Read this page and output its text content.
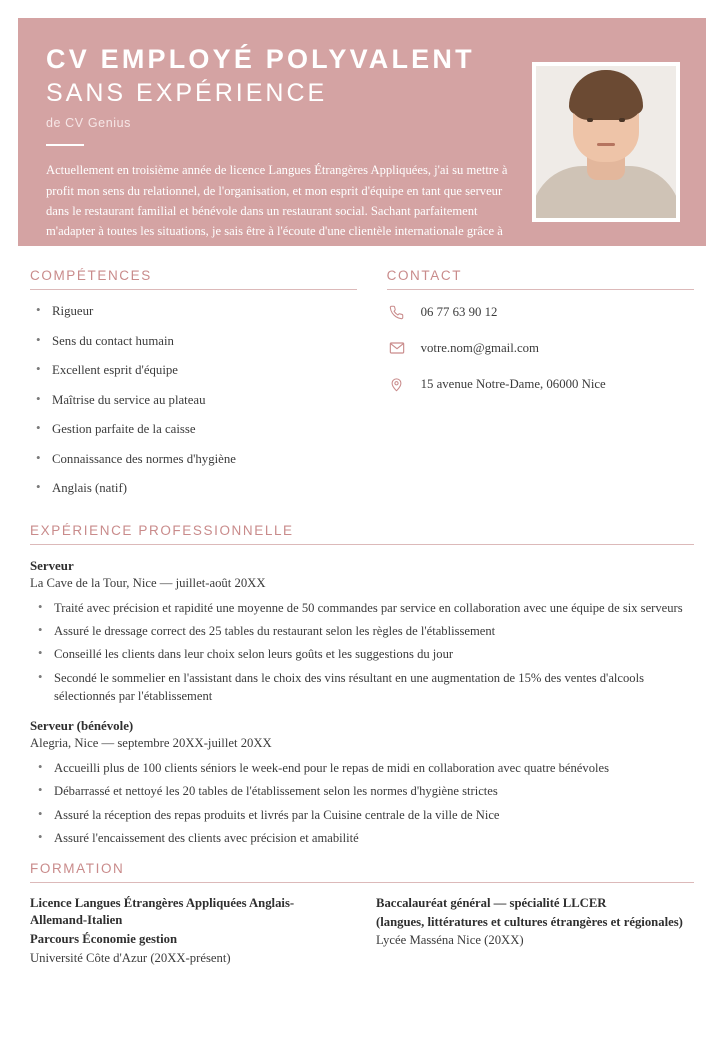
CV EMPLOYÉ POLYVALENT
SANS EXPÉRIENCE
de CV Genius

Actuellement en troisième année de licence Langues Étrangères Appliquées, j'ai su mettre à profit mon sens du relationnel, de l'organisation, et mon esprit d'équipe en tant que serveur dans le restaurant familial et bénévole dans un restaurant social. Sachant parfaitement m'adapter à toutes les situations, je sais être à l'écoute d'une clientèle internationale grâce à mon bilinguisme en anglais.

COMPÉTENCES
• Rigueur
• Sens du contact humain
• Excellent esprit d'équipe
• Maîtrise du service au plateau
• Gestion parfaite de la caisse
• Connaissance des normes d'hygiène
• Anglais (natif)
CONTACT
06 77 63 90 12
votre.nom@gmail.com
15 avenue Notre-Dame, 06000 Nice
EXPÉRIENCE PROFESSIONNELLE
Serveur
La Cave de la Tour, Nice — juillet-août 20XX
• Traité avec précision et rapidité une moyenne de 50 commandes par service en collaboration avec une équipe de six serveurs
• Assuré le dressage correct des 25 tables du restaurant selon les règles de l'établissement
• Conseillé les clients dans leur choix selon leurs goûts et les suggestions du jour
• Secondé le sommelier en l'assistant dans le choix des vins résultant en une augmentation de 15% des ventes d'alcools sélectionnés par l'établissement
Serveur (bénévole)
Alegria, Nice — septembre 20XX-juillet 20XX
• Accueilli plus de 100 clients séniors le week-end pour le repas de midi en collaboration avec quatre bénévoles
• Débarrassé et nettoyé les 20 tables de l'établissement selon les normes d'hygiène strictes
• Assuré la réception des repas produits et livrés par la Cuisine centrale de la ville de Nice
• Assuré l'encaissement des clients avec précision et amabilité
FORMATION
Licence Langues Étrangères Appliquées Anglais-Allemand-Italien
Parcours Économie gestion
Université Côte d'Azur (20XX-présent)
Baccalauréat général — spécialité LLCER
(langues, littératures et cultures étrangères et régionales)
Lycée Masséna Nice (20XX)
